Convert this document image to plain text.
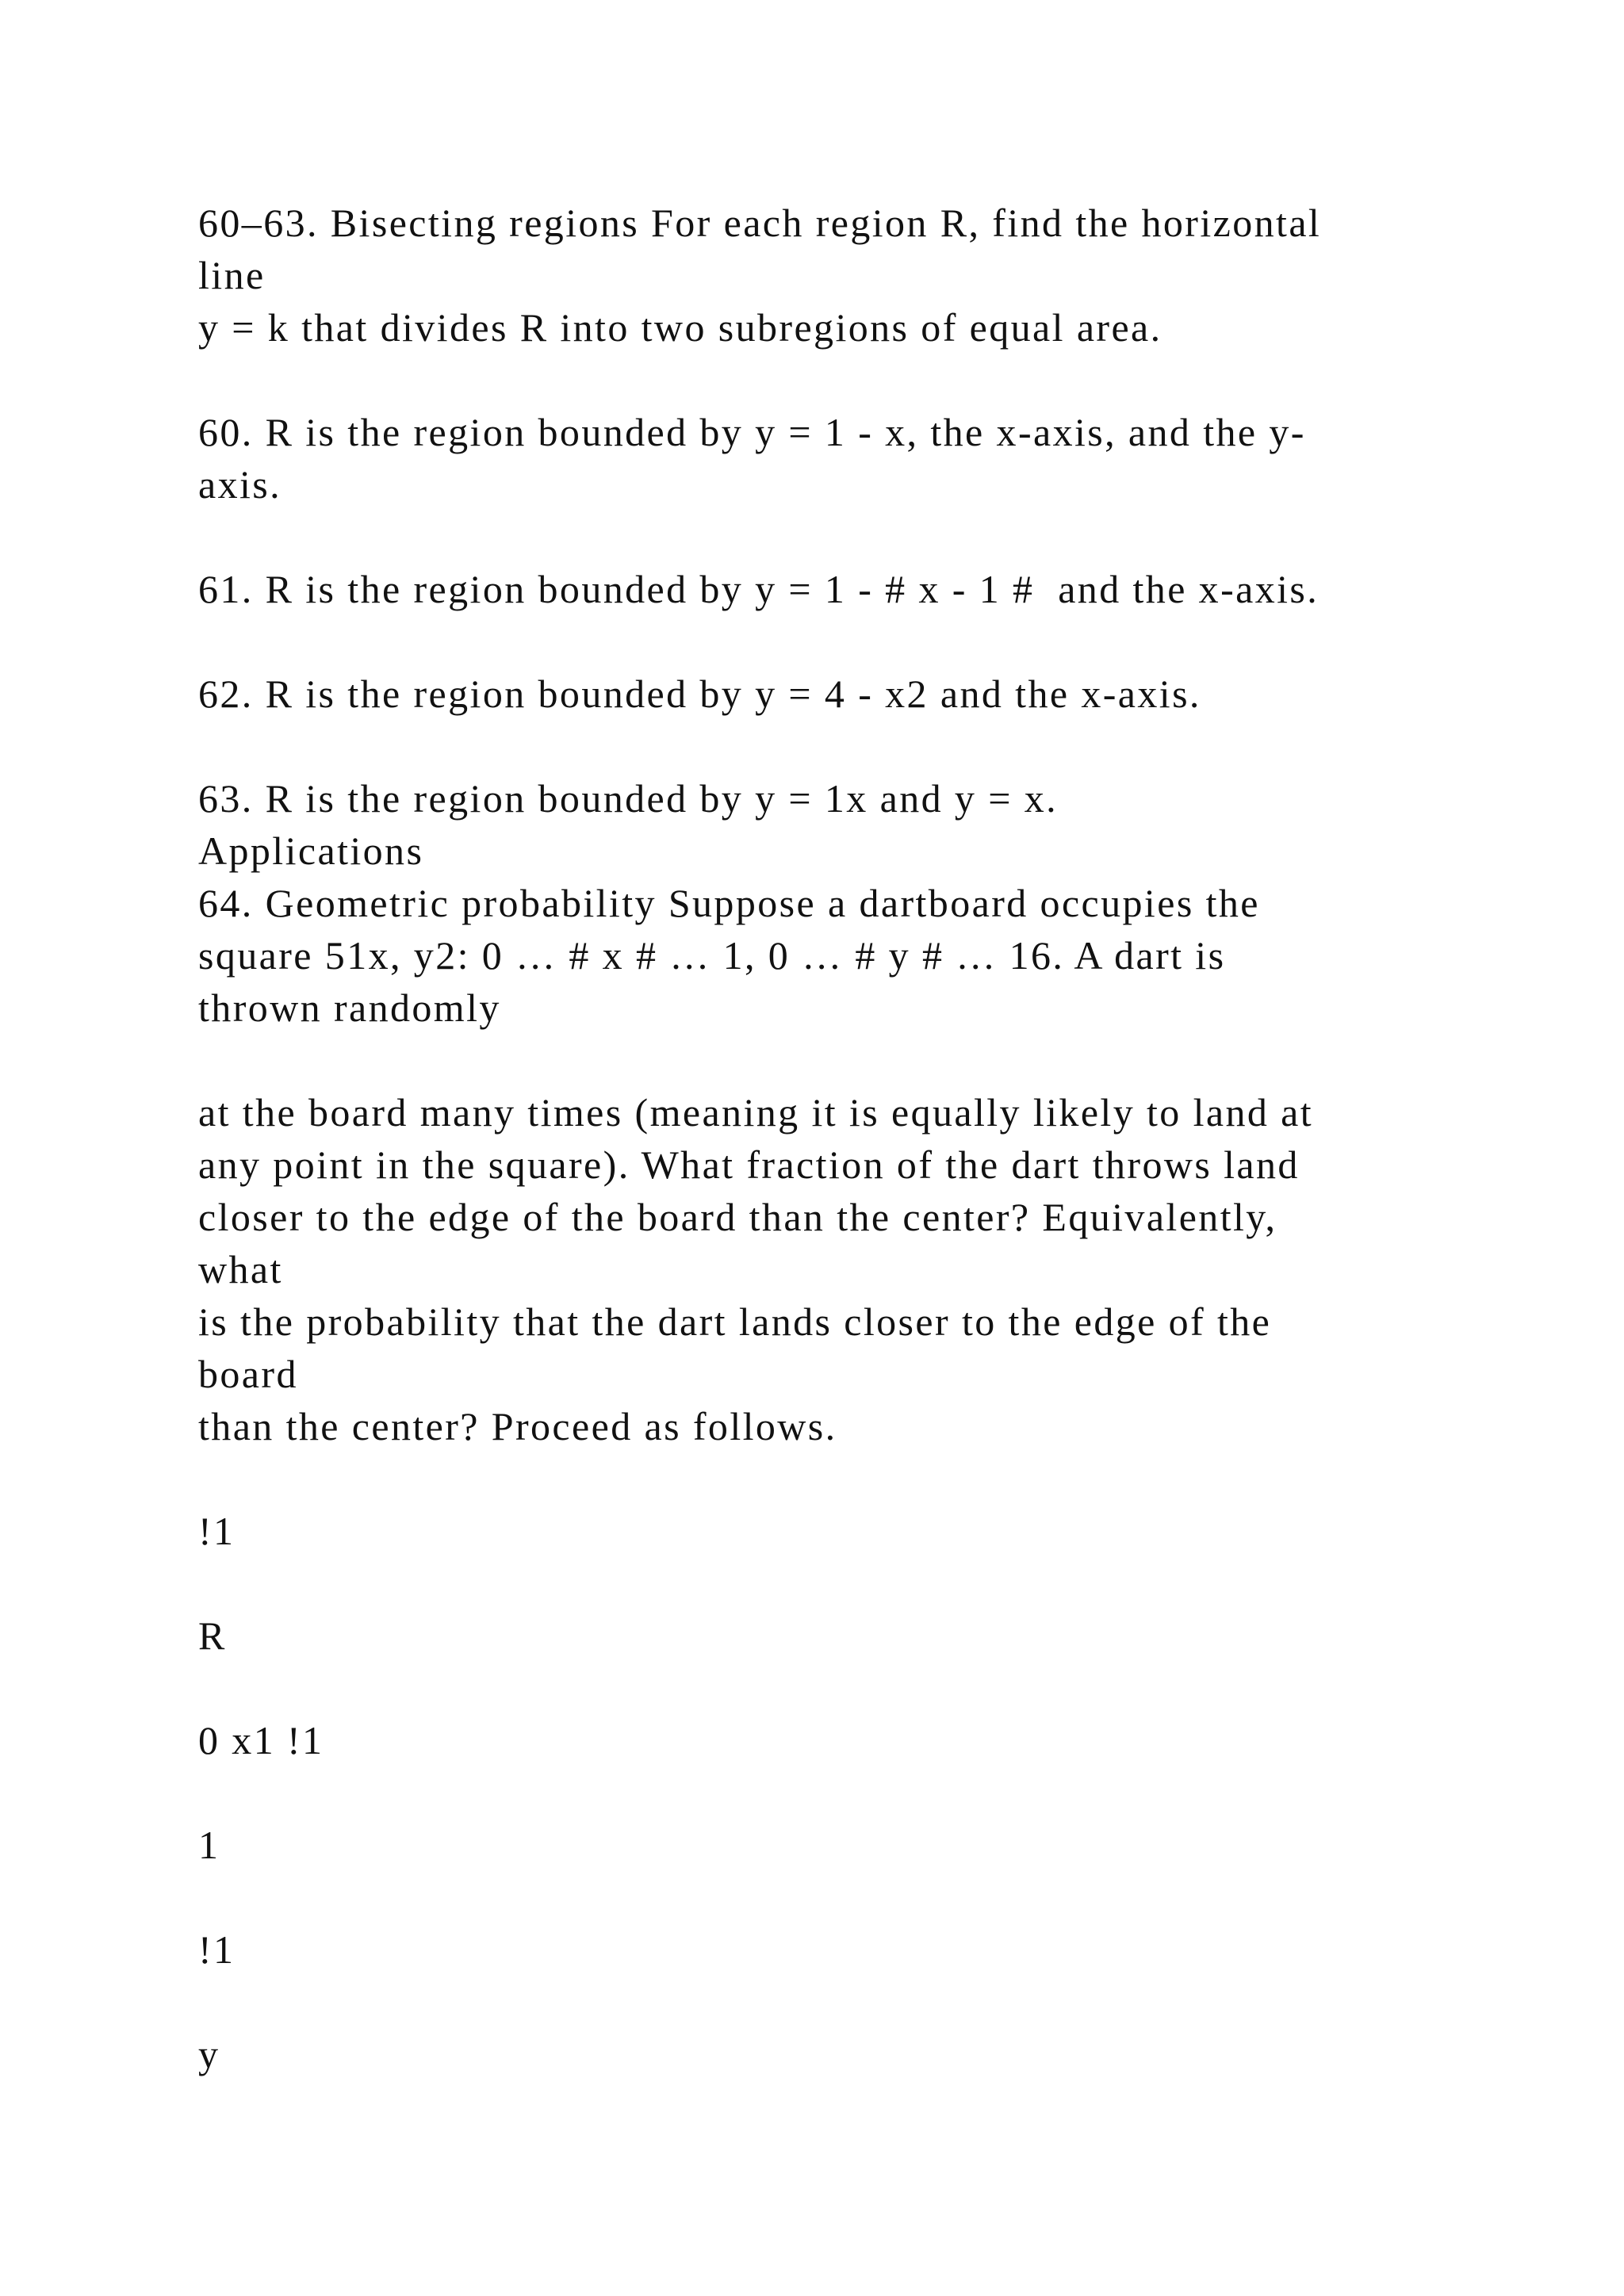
60–63. Bisecting regions For each region R, find the horizontal
line
y = k that divides R into two subregions of equal area.
60. R is the region bounded by y = 1 - x, the x-axis, and the y-
axis.
61. R is the region bounded by y = 1 - # x - 1 #  and the x-axis.
62. R is the region bounded by y = 4 - x2 and the x-axis.
63. R is the region bounded by y = 1x and y = x.
Applications
64. Geometric probability Suppose a dartboard occupies the
square 51x, y2: 0 … # x # … 1, 0 … # y # … 16. A dart is
thrown randomly
at the board many times (meaning it is equally likely to land at
any point in the square). What fraction of the dart throws land
closer to the edge of the board than the center? Equivalently,
what
is the probability that the dart lands closer to the edge of the
board
than the center? Proceed as follows.
!1
R
0 x1 !1
1
!1
y
